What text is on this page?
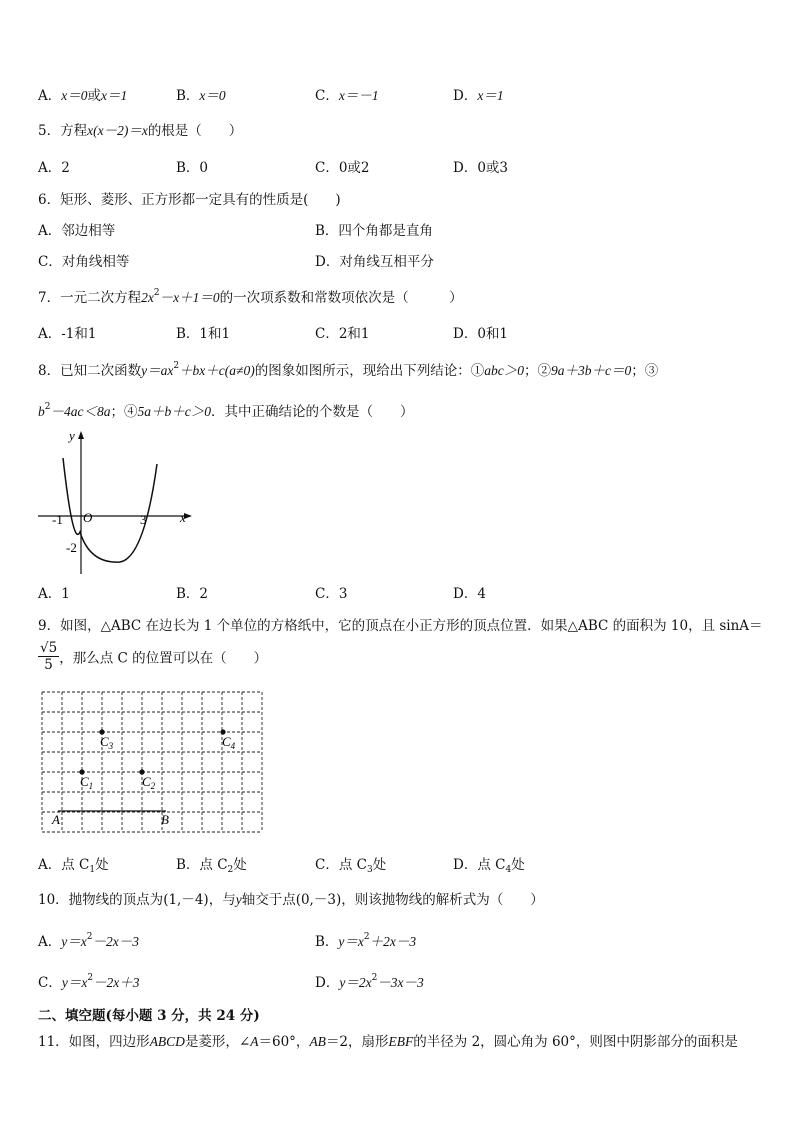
A．x＝0或x＝1	B．x＝0	C．x＝－1	D．x＝1
5．方程x(x－2)＝x的根是（　　）
A．2	B．0	C．0或2	D．0或3
6．矩形、菱形、正方形都一定具有的性质是(　　)
A．邻边相等	B．四个角都是直角
C．对角线相等	D．对角线互相平分
7．一元二次方程$2x^2-x+1=0$的一次项系数和常数项依次是（　　　）
A．-1和1	B．1和1	C．2和1	D．0和1
8．已知二次函数$y=ax^2+bx+c(a\ne 0)$的图象如图所示，现给出下列结论：①abc＞0；②9a＋3b＋c＝0；③
$b^2-4ac<8a$；④5a＋b＋c＞0．其中正确结论的个数是（　　）
y
x
O
-1	3
-2
A．1	B．2	C．3	D．4
9．如图，△ABC 在边长为 1 个单位的方格纸中，它的顶点在小正方形的顶点位置．如果△ABC 的面积为 10，且 sinA＝
$\frac{√5}{5}$ ，那么点 C 的位置可以在（　　）
A	B
$C_3$	$C_4$
$C_1$	$C_2$
A．点 $C_1$处	B．点 $C_2$处	C．点 $C_3$处	D．点 $C_4$处
10．抛物线的顶点为(1,－4)，与y轴交于点(0,－3)，则该抛物线的解析式为（　　）
A．$y=x^2-2x-3$	B．$y=x^2+2x-3$
C．$y=x^2-2x+3$	D．$y=2x^2-3x-3$
二、填空题(每小题 3 分，共 24 分)
11．如图，四边形ABCD是菱形，∠A＝60°，AB＝2，扇形EBF的半径为 2，圆心角为 60°，则图中阴影部分的面积是
